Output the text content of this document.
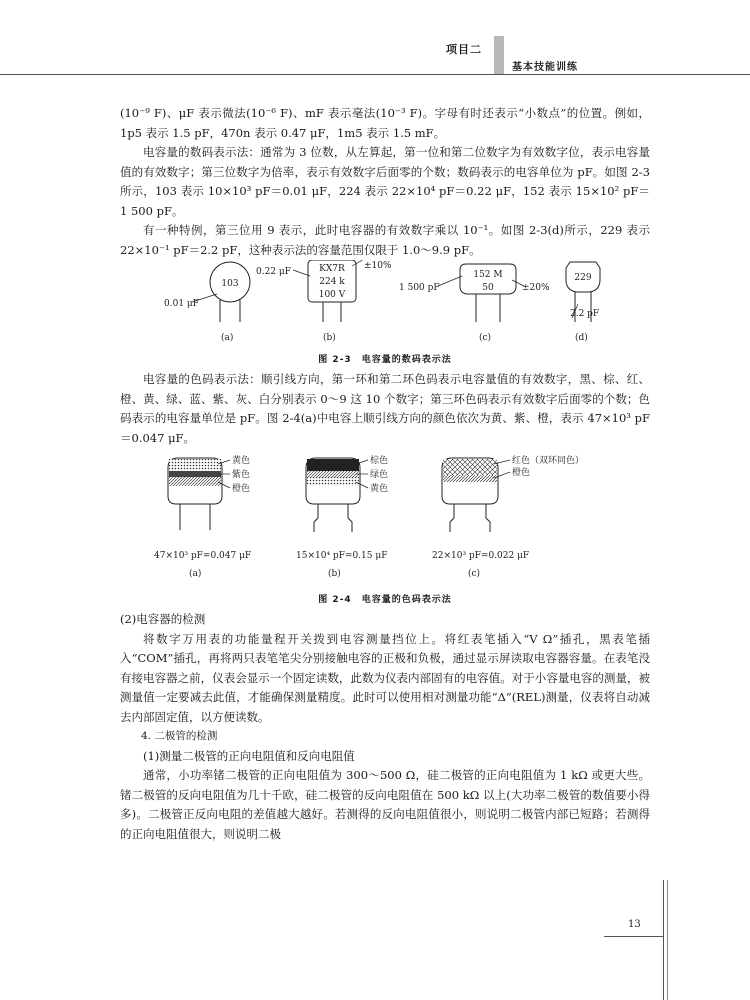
项目二
基本技能训练

(10⁻⁹ F)、μF 表示微法(10⁻⁶ F)、mF 表示毫法(10⁻³ F)。字母有时还表示“小数点”的位置。例如，1p5 表示 1.5 pF，470n 表示 0.47 μF，1m5 表示 1.5 mF。

电容量的数码表示法：通常为 3 位数，从左算起，第一位和第二位数字为有效数字位，表示电容量值的有效数字；第三位数字为倍率，表示有效数字后面零的个数；数码表示的电容单位为 pF。如图 2-3 所示，103 表示 10×10³ pF＝0.01 μF，224 表示 22×10⁴ pF＝0.22 μF，152 表示 15×10² pF＝1 500 pF。

有一种特例，第三位用 9 表示，此时电容器的有效数字乘以 10⁻¹。如图 2-3(d)所示，229 表示 22×10⁻¹ pF＝2.2 pF，这种表示法的容量范围仅限于 1.0～9.9 pF。

103
0.01 μF
(a)
KX7R
224 k
100 V
0.22 μF
±10%
(b)
152 M
50
1 500 pF	±20%
(c)
229
2.2 pF
(d)
图 2-3　电容量的数码表示法

电容量的色码表示法：顺引线方向，第一环和第二环色码表示电容量值的有效数字，黑、棕、红、橙、黄、绿、蓝、紫、灰、白分别表示 0～9 这 10 个数字；第三环色码表示有效数字后面零的个数；色码表示的电容量单位是 pF。图 2-4(a)中电容上顺引线方向的颜色依次为黄、紫、橙，表示 47×10³ pF＝0.047 μF。

黄色
紫色
橙色
47×10³ pF=0.047 μF
(a)
棕色
绿色
黄色
15×10⁴ pF=0.15 μF
(b)
红色（双环同色）
橙色
22×10³ pF=0.022 μF
(c)
图 2-4　电容量的色码表示法

(2)电容器的检测

将数字万用表的功能量程开关拨到电容测量挡位上。将红表笔插入“V Ω”插孔，黑表笔插入“COM”插孔，再将两只表笔笔尖分别接触电容的正极和负极，通过显示屏读取电容器容量。在表笔没有接电容器之前，仪表会显示一个固定读数，此数为仪表内部固有的电容值。对于小容量电容的测量，被测量值一定要减去此值，才能确保测量精度。此时可以使用相对测量功能“Δ”(REL)测量，仪表将自动减去内部固定值，以方便读数。

4. 二极管的检测

(1)测量二极管的正向电阻值和反向电阻值

通常，小功率锗二极管的正向电阻值为 300～500 Ω，硅二极管的正向电阻值为 1 kΩ 或更大些。锗二极管的反向电阻值为几十千欧，硅二极管的反向电阻值在 500 kΩ 以上(大功率二极管的数值要小得多)。二极管正反向电阻的差值越大越好。若测得的反向电阻值很小，则说明二极管内部已短路；若测得的正向电阻值很大，则说明二极

13
